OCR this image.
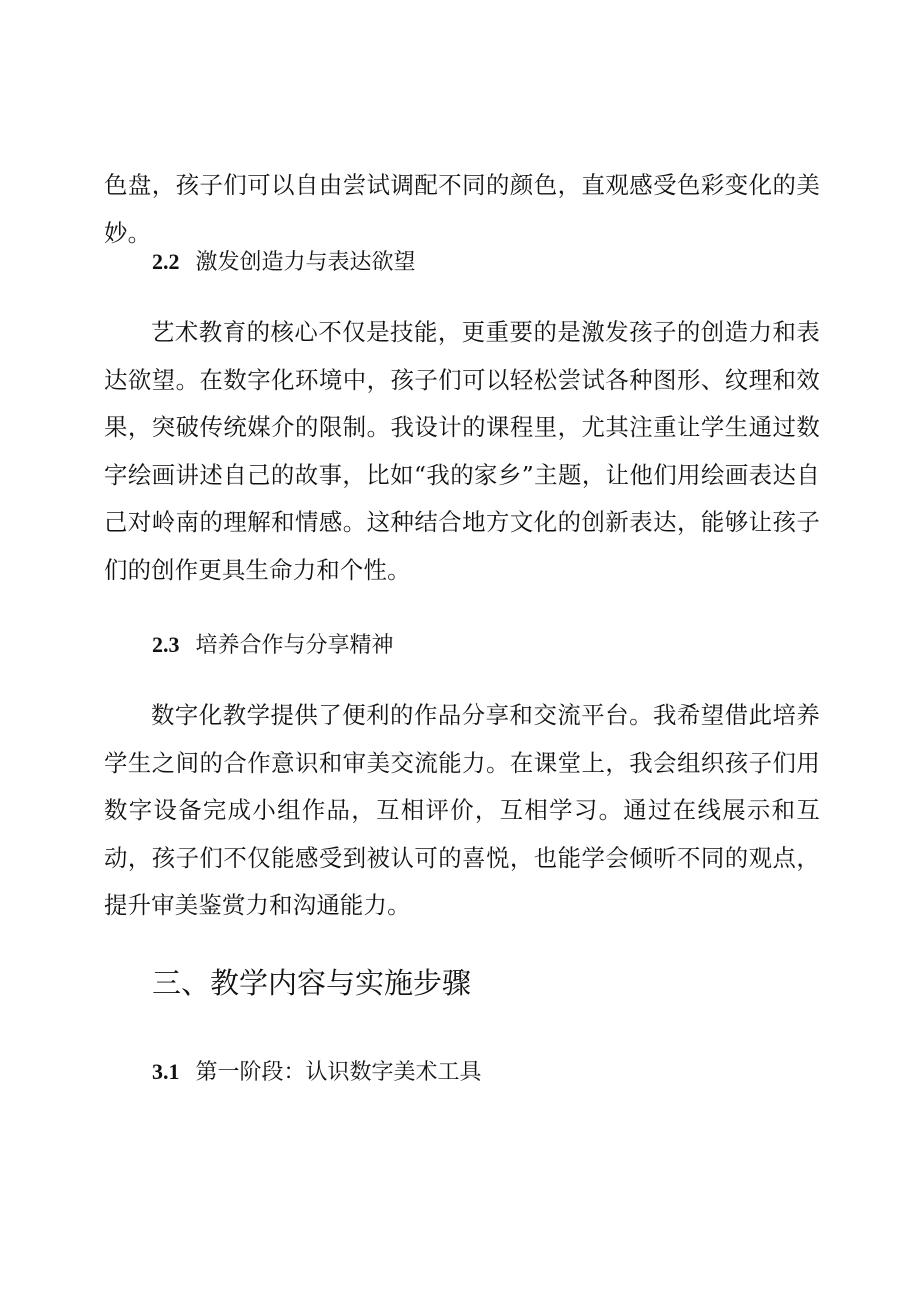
色盘，孩子们可以自由尝试调配不同的颜色，直观感受色彩变化的美妙。

2.2 激发创造力与表达欲望

艺术教育的核心不仅是技能，更重要的是激发孩子的创造力和表达欲望。在数字化环境中，孩子们可以轻松尝试各种图形、纹理和效果，突破传统媒介的限制。我设计的课程里，尤其注重让学生通过数字绘画讲述自己的故事，比如“我的家乡”主题，让他们用绘画表达自己对岭南的理解和情感。这种结合地方文化的创新表达，能够让孩子们的创作更具生命力和个性。

2.3 培养合作与分享精神

数字化教学提供了便利的作品分享和交流平台。我希望借此培养学生之间的合作意识和审美交流能力。在课堂上，我会组织孩子们用数字设备完成小组作品，互相评价，互相学习。通过在线展示和互动，孩子们不仅能感受到被认可的喜悦，也能学会倾听不同的观点，提升审美鉴赏力和沟通能力。

三、教学内容与实施步骤
3.1 第一阶段：认识数字美术工具
